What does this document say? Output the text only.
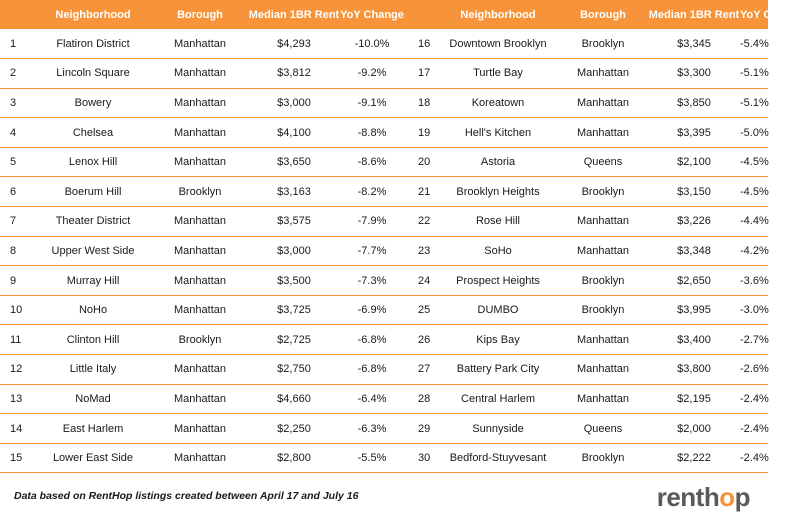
	Neighborhood	Borough	Median 1BR Rent	YoY Change		Neighborhood	Borough	Median 1BR Rent	YoY Change
1	Flatiron District	Manhattan	$4,293	-10.0%	16	Downtown Brooklyn	Brooklyn	$3,345	-5.4%
2	Lincoln Square	Manhattan	$3,812	-9.2%	17	Turtle Bay	Manhattan	$3,300	-5.1%
3	Bowery	Manhattan	$3,000	-9.1%	18	Koreatown	Manhattan	$3,850	-5.1%
4	Chelsea	Manhattan	$4,100	-8.8%	19	Hell's Kitchen	Manhattan	$3,395	-5.0%
5	Lenox Hill	Manhattan	$3,650	-8.6%	20	Astoria	Queens	$2,100	-4.5%
6	Boerum Hill	Brooklyn	$3,163	-8.2%	21	Brooklyn Heights	Brooklyn	$3,150	-4.5%
7	Theater District	Manhattan	$3,575	-7.9%	22	Rose Hill	Manhattan	$3,226	-4.4%
8	Upper West Side	Manhattan	$3,000	-7.7%	23	SoHo	Manhattan	$3,348	-4.2%
9	Murray Hill	Manhattan	$3,500	-7.3%	24	Prospect Heights	Brooklyn	$2,650	-3.6%
10	NoHo	Manhattan	$3,725	-6.9%	25	DUMBO	Brooklyn	$3,995	-3.0%
11	Clinton Hill	Brooklyn	$2,725	-6.8%	26	Kips Bay	Manhattan	$3,400	-2.7%
12	Little Italy	Manhattan	$2,750	-6.8%	27	Battery Park City	Manhattan	$3,800	-2.6%
13	NoMad	Manhattan	$4,660	-6.4%	28	Central Harlem	Manhattan	$2,195	-2.4%
14	East Harlem	Manhattan	$2,250	-6.3%	29	Sunnyside	Queens	$2,000	-2.4%
15	Lower East Side	Manhattan	$2,800	-5.5%	30	Bedford-Stuyvesant	Brooklyn	$2,222	-2.4%
Data based on RentHop listings created between April 17 and July 16	renth o p
